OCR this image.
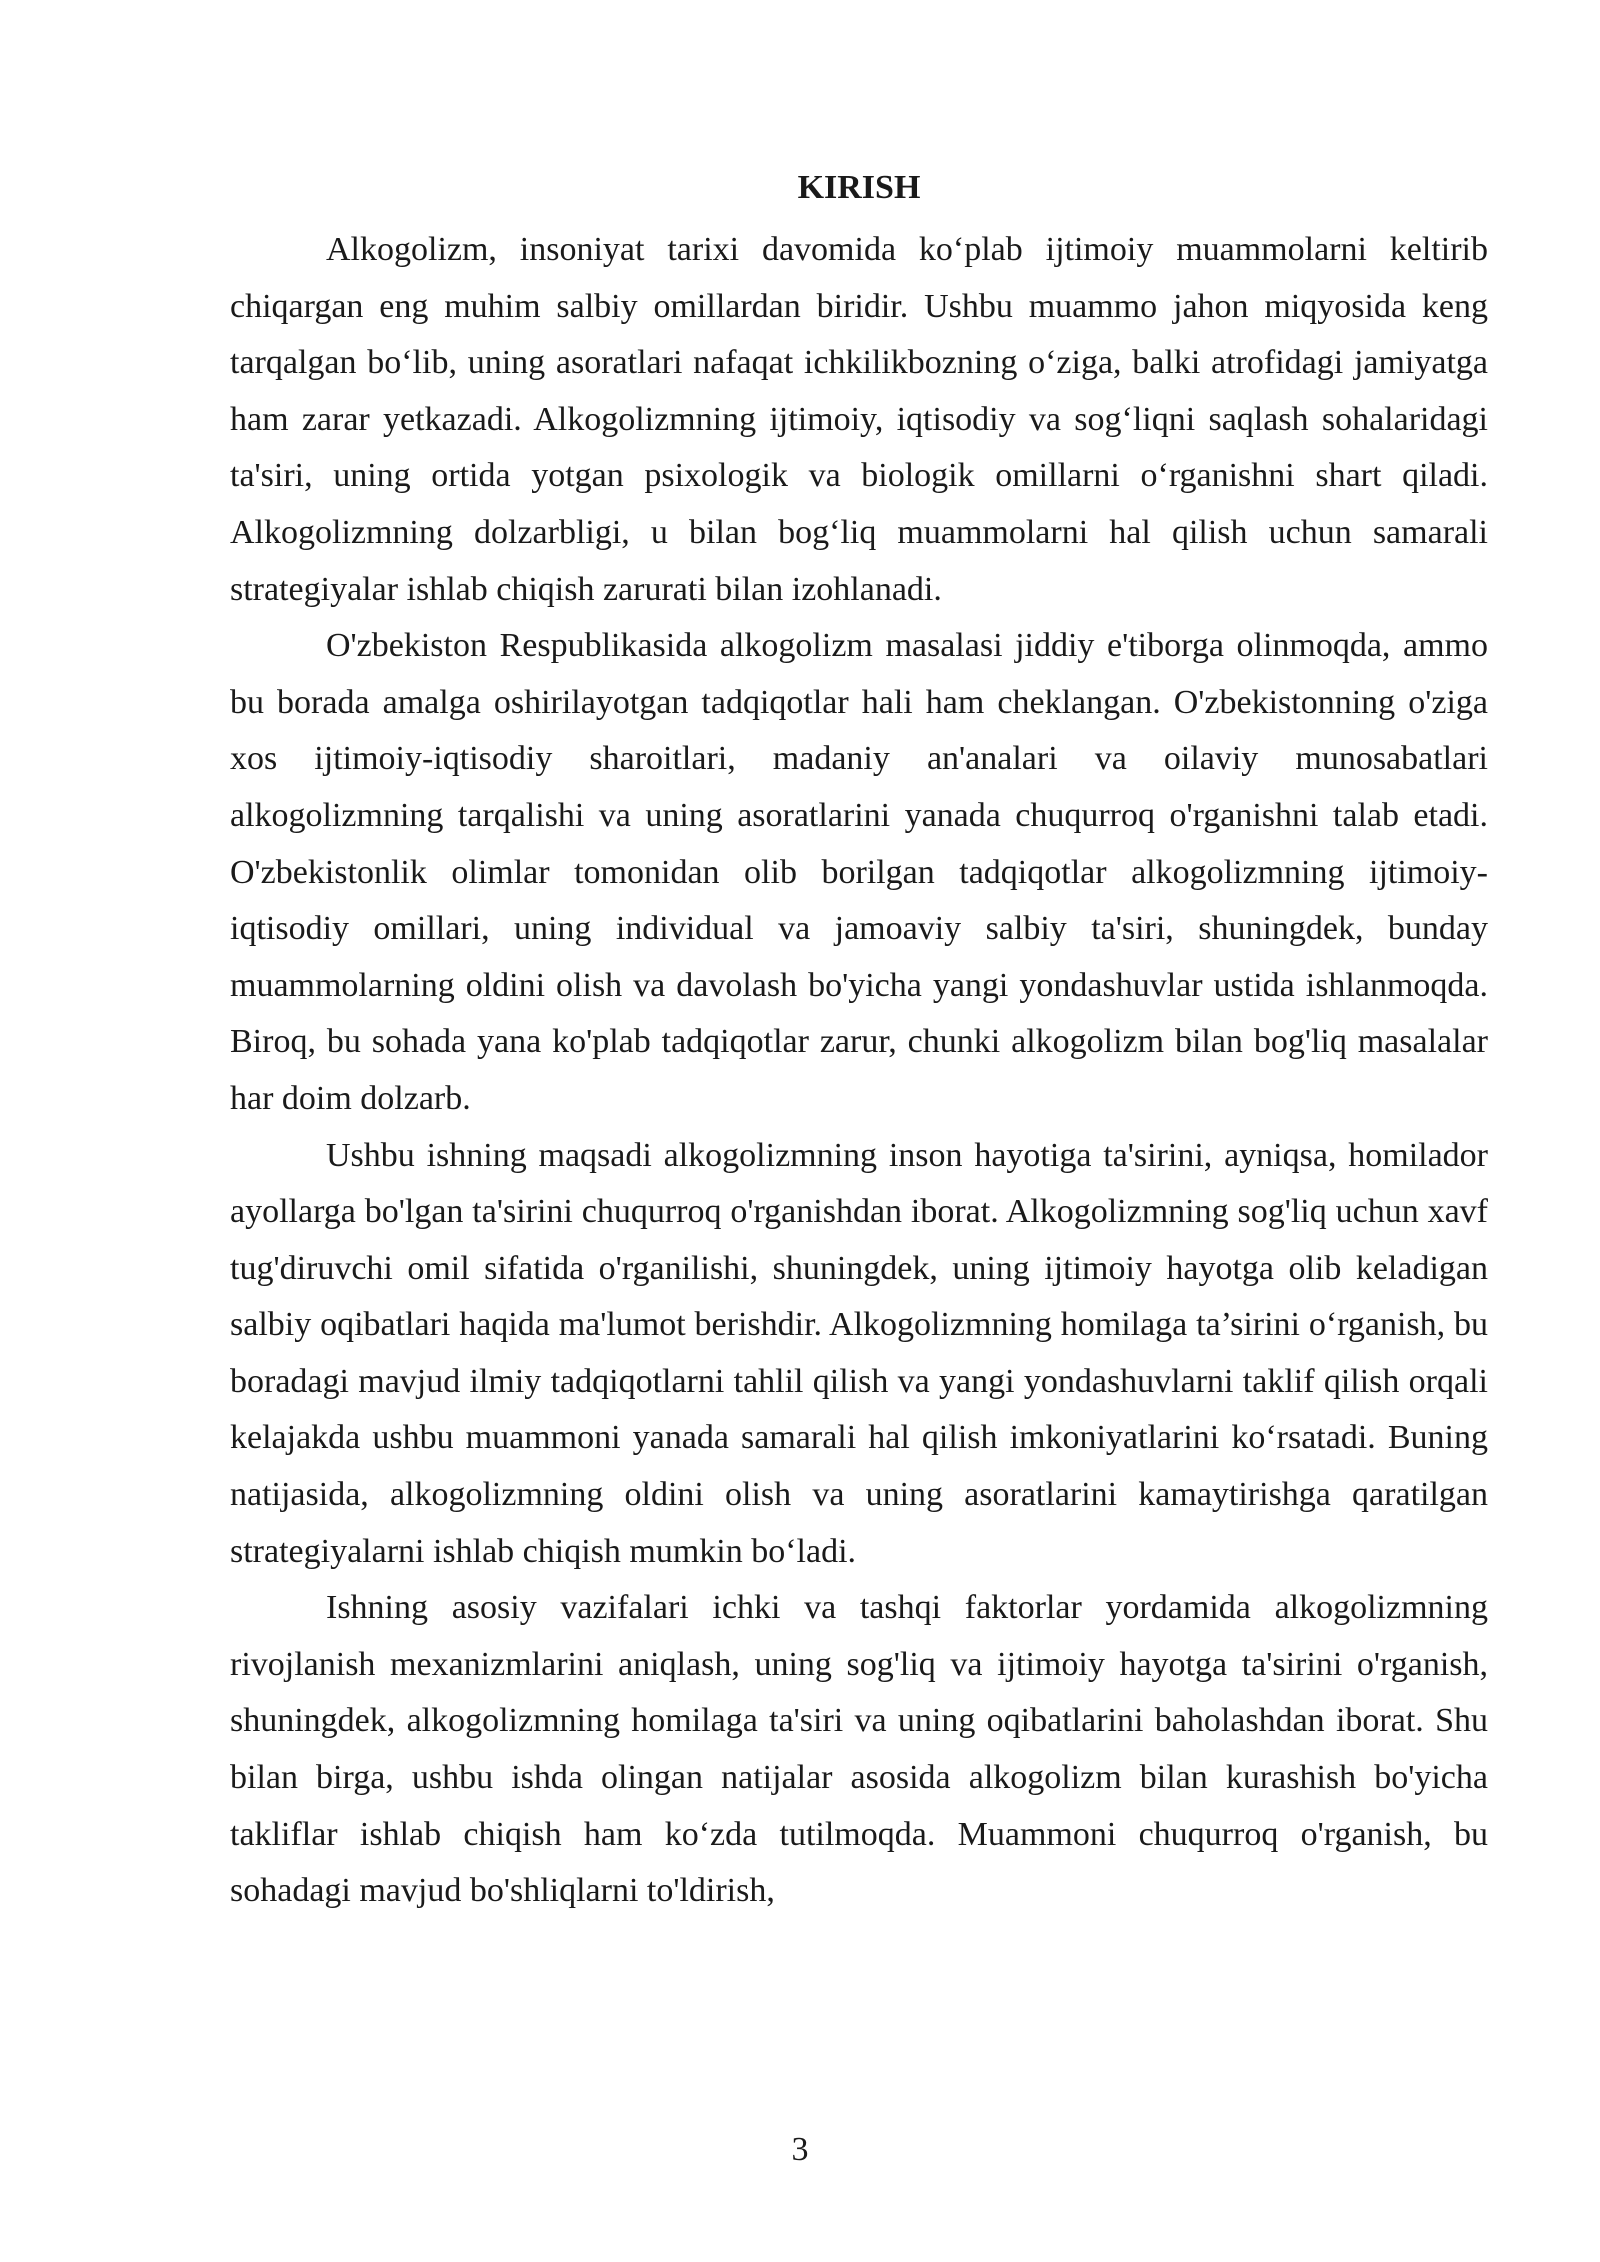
KIRISH

Alkogolizm, insoniyat tarixi davomida ko‘plab ijtimoiy muammolarni keltirib chiqargan eng muhim salbiy omillardan biridir. Ushbu muammo jahon miqyosida keng tarqalgan bo‘lib, uning asoratlari nafaqat ichkilikbozning o‘ziga, balki atrofidagi jamiyatga ham zarar yetkazadi. Alkogolizmning ijtimoiy, iqtisodiy va sog‘liqni saqlash sohalaridagi ta'siri, uning ortida yotgan psixologik va biologik omillarni o‘rganishni shart qiladi. Alkogolizmning dolzarbligi, u bilan bog‘liq muammolarni hal qilish uchun samarali strategiyalar ishlab chiqish zarurati bilan izohlanadi.

O'zbekiston Respublikasida alkogolizm masalasi jiddiy e'tiborga olinmoqda, ammo bu borada amalga oshirilayotgan tadqiqotlar hali ham cheklangan. O'zbekistonning o'ziga xos ijtimoiy-iqtisodiy sharoitlari, madaniy an'analari va oilaviy munosabatlari alkogolizmning tarqalishi va uning asoratlarini yanada chuqurroq o'rganishni talab etadi. O'zbekistonlik olimlar tomonidan olib borilgan tadqiqotlar alkogolizmning ijtimoiy-iqtisodiy omillari, uning individual va jamoaviy salbiy ta'siri, shuningdek, bunday muammolarning oldini olish va davolash bo'yicha yangi yondashuvlar ustida ishlanmoqda. Biroq, bu sohada yana ko'plab tadqiqotlar zarur, chunki alkogolizm bilan bog'liq masalalar har doim dolzarb.

Ushbu ishning maqsadi alkogolizmning inson hayotiga ta'sirini, ayniqsa, homilador ayollarga bo'lgan ta'sirini chuqurroq o'rganishdan iborat. Alkogolizmning sog'liq uchun xavf tug'diruvchi omil sifatida o'rganilishi, shuningdek, uning ijtimoiy hayotga olib keladigan salbiy oqibatlari haqida ma'lumot berishdir. Alkogolizmning homilaga ta’sirini o‘rganish, bu boradagi mavjud ilmiy tadqiqotlarni tahlil qilish va yangi yondashuvlarni taklif qilish orqali kelajakda ushbu muammoni yanada samarali hal qilish imkoniyatlarini ko‘rsatadi. Buning natijasida, alkogolizmning oldini olish va uning asoratlarini kamaytirishga qaratilgan strategiyalarni ishlab chiqish mumkin bo‘ladi.

Ishning asosiy vazifalari ichki va tashqi faktorlar yordamida alkogolizmning rivojlanish mexanizmlarini aniqlash, uning sog'liq va ijtimoiy hayotga ta'sirini o'rganish, shuningdek, alkogolizmning homilaga ta'siri va uning oqibatlarini baholashdan iborat. Shu bilan birga, ushbu ishda olingan natijalar asosida alkogolizm bilan kurashish bo'yicha takliflar ishlab chiqish ham ko‘zda tutilmoqda. Muammoni chuqurroq o'rganish, bu sohadagi mavjud bo'shliqlarni to'ldirish,

3
